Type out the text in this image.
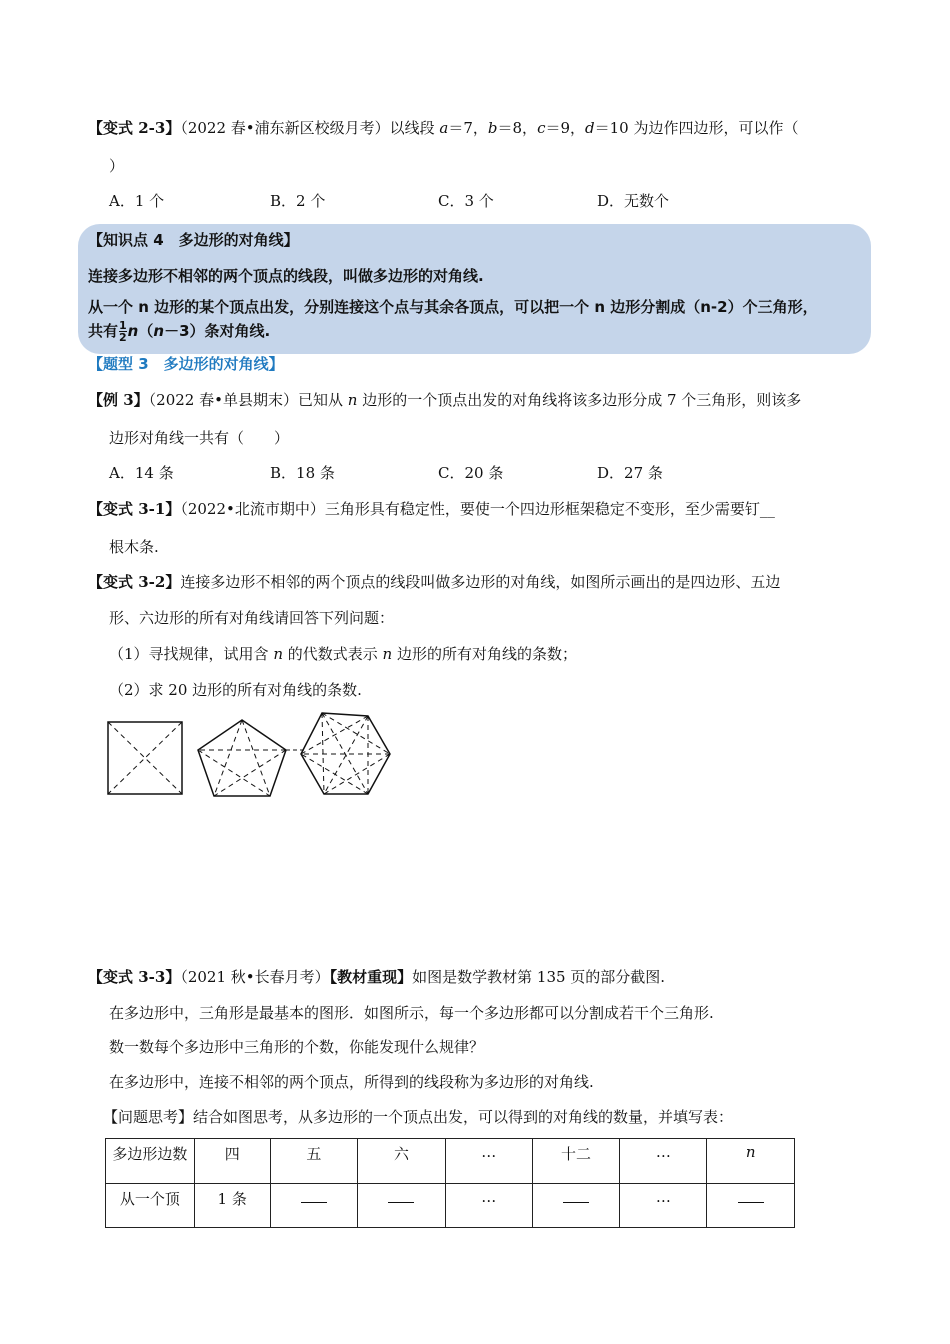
【变式 2-3】（2022 春•浦东新区校级月考）以线段 a＝7，b＝8，c＝9，d＝10 为边作四边形，可以作（
）
A．1 个	B．2 个	C．3 个	D．无数个
【知识点 4　多边形的对角线】
连接多边形不相邻的两个顶点的线段，叫做多边形的对角线.
从一个 n 边形的某个顶点出发，分别连接这个点与其余各顶点，可以把一个 n 边形分割成（n-2）个三角形，
共有 $\frac{1}{2} n(n-3)$条对角线.
【题型 3　多边形的对角线】
【例 3】（2022 春•单县期末）已知从 n 边形的一个顶点出发的对角线将该多边形分成 7 个三角形，则该多
边形对角线一共有（　　）
A．14 条	B．18 条	C．20 条	D．27 条
【变式 3-1】（2022•北流市期中）三角形具有稳定性，要使一个四边形框架稳定不变形，至少需要钉__
根木条.
【变式 3-2】连接多边形不相邻的两个顶点的线段叫做多边形的对角线，如图所示画出的是四边形、五边
形、六边形的所有对角线请回答下列问题：
（1）寻找规律，试用含 n 的代数式表示 n 边形的所有对角线的条数；
（2）求 20 边形的所有对角线的条数.
【变式 3-3】（2021 秋•长春月考）【教材重现】如图是数学教材第 135 页的部分截图.
在多边形中，三角形是最基本的图形．如图所示，每一个多边形都可以分割成若干个三角形.
数一数每个多边形中三角形的个数，你能发现什么规律？
在多边形中，连接不相邻的两个顶点，所得到的线段称为多边形的对角线.
【问题思考】结合如图思考，从多边形的一个顶点出发，可以得到的对角线的数量，并填写表：
多边形边数	四	五	六	…	十二	…	n
从一个顶	1 条			…		…	
